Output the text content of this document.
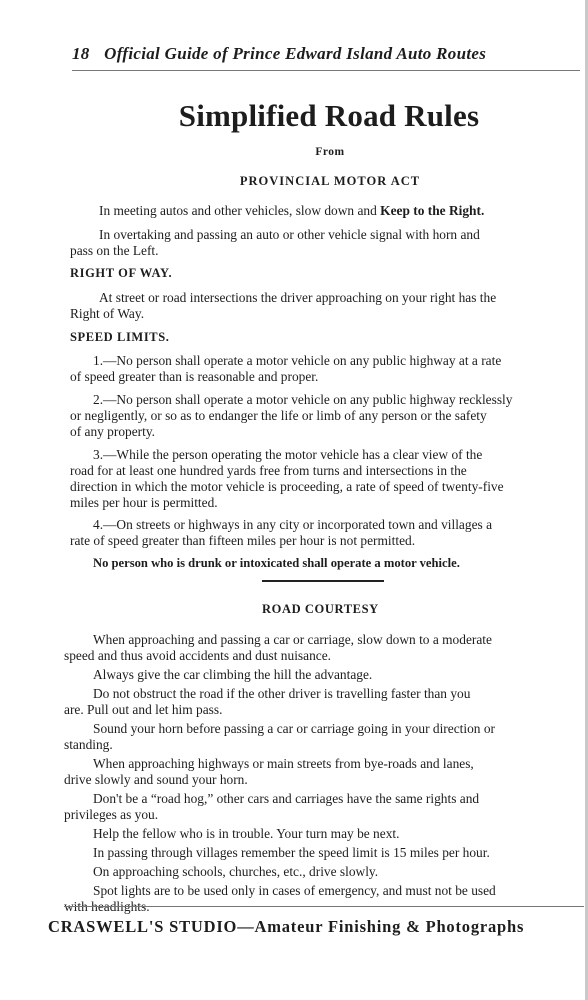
18 Official Guide of Prince Edward Island Auto Routes
Simplified Road Rules
From
PROVINCIAL MOTOR ACT
In meeting autos and other vehicles, slow down and Keep to the Right.
In overtaking and passing an auto or other vehicle signal with horn and
pass on the Left.
RIGHT OF WAY.
At street or road intersections the driver approaching on your right has the
Right of Way.
SPEED LIMITS.
1.—No person shall operate a motor vehicle on any public highway at a rate
of speed greater than is reasonable and proper.
2.—No person shall operate a motor vehicle on any public highway recklessly
or negligently, or so as to endanger the life or limb of any person or the safety
of any property.
3.—While the person operating the motor vehicle has a clear view of the
road for at least one hundred yards free from turns and intersections in the
direction in which the motor vehicle is proceeding, a rate of speed of twenty-five
miles per hour is permitted.
4.—On streets or highways in any city or incorporated town and villages a
rate of speed greater than fifteen miles per hour is not permitted.
No person who is drunk or intoxicated shall operate a motor vehicle.
ROAD COURTESY
When approaching and passing a car or carriage, slow down to a moderate
speed and thus avoid accidents and dust nuisance.
Always give the car climbing the hill the advantage.
Do not obstruct the road if the other driver is travelling faster than you
are. Pull out and let him pass.
Sound your horn before passing a car or carriage going in your direction or
standing.
When approaching highways or main streets from bye-roads and lanes,
drive slowly and sound your horn.
Don't be a “road hog,” other cars and carriages have the same rights and
privileges as you.
Help the fellow who is in trouble. Your turn may be next.
In passing through villages remember the speed limit is 15 miles per hour.
On approaching schools, churches, etc., drive slowly.
Spot lights are to be used only in cases of emergency, and must not be used
with headlights.
CRASWELL'S STUDIO—Amateur Finishing & Photographs
